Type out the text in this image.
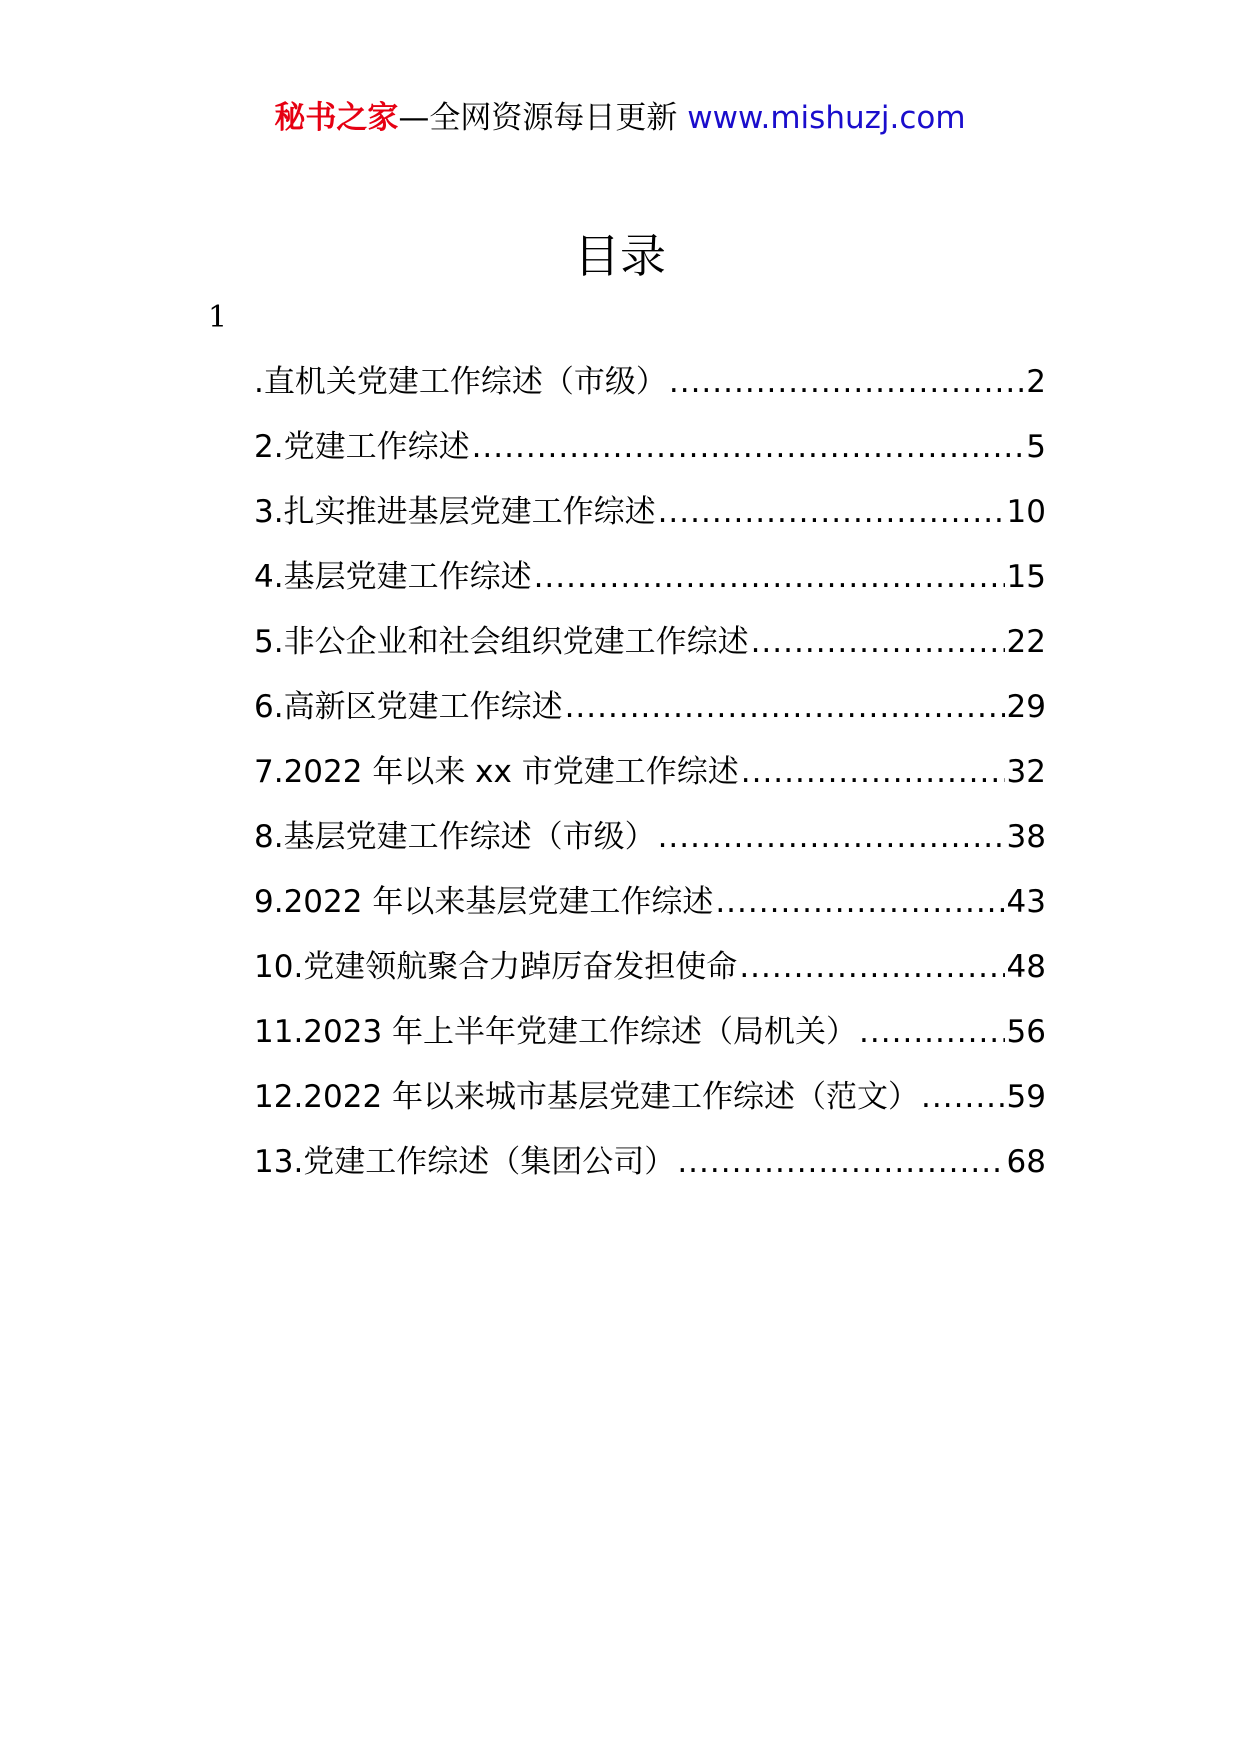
秘书之家—全网资源每日更新 www.mishuzj.com
目录
1
.直机关党建工作综述（市级） .....	2
2.党建工作综述 .....	5
3.扎实推进基层党建工作综述 .....	10
4.基层党建工作综述 .....	15
5.非公企业和社会组织党建工作综述 .....	22
6.高新区党建工作综述 .....	29
7.2022 年以来 xx 市党建工作综述 .....	32
8.基层党建工作综述（市级） .....	38
9.2022 年以来基层党建工作综述 .....	43
10.党建领航聚合力踔厉奋发担使命 .....	48
11.2023 年上半年党建工作综述（局机关） .....	56
12.2022 年以来城市基层党建工作综述（范文） .....	59
13.党建工作综述（集团公司） .....	68
